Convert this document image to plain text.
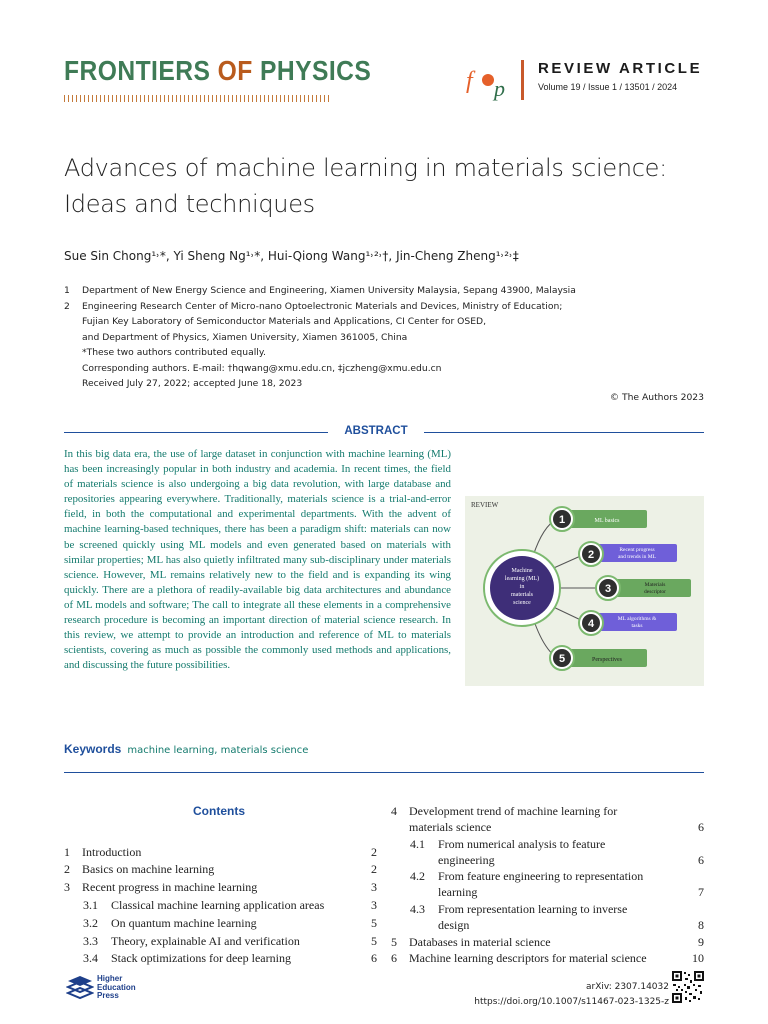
FRONTIERS OF PHYSICS	f p
REVIEW ARTICLE
Volume 19 / Issue 1 / 13501 / 2024
Advances of machine learning in materials science: Ideas and techniques
Sue Sin Chong¹˒*, Yi Sheng Ng¹˒*, Hui-Qiong Wang¹˒²˒†, Jin-Cheng Zheng¹˒²˒‡
1	Department of New Energy Science and Engineering, Xiamen University Malaysia, Sepang 43900, Malaysia
2	Engineering Research Center of Micro-nano Optoelectronic Materials and Devices, Ministry of Education;
Fujian Key Laboratory of Semiconductor Materials and Applications, CI Center for OSED,
and Department of Physics, Xiamen University, Xiamen 361005, China
*These two authors contributed equally.
Corresponding authors. E-mail: †hqwang@xmu.edu.cn, ‡jczheng@xmu.edu.cn
Received July 27, 2022; accepted June 18, 2023
© The Authors 2023
ABSTRACT
In this big data era, the use of large dataset in conjunction with machine learning (ML) has been increasingly popular in both industry and academia. In recent times, the field of materials science is also undergoing a big data revolution, with large database and repositories appearing everywhere. Traditionally, materials science is a trial-and-error field, in both the computational and experimental departments. With the advent of machine learning-based techniques, there has been a paradigm shift: materials can now be screened quickly using ML models and even generated based on materials with similar properties; ML has also quietly infiltrated many sub-disciplinary under materials science. However, ML remains relatively new to the field and is expanding its wing quickly. There are a plethora of readily-available big data architectures and abundance of ML models and software; The call to integrate all these elements in a comprehensive research procedure is becoming an important direction of material science research. In this review, we attempt to provide an introduction and reference of ML to materials scientists, covering as much as possible the commonly used methods and applications, and discussing the future possibilities.
REVIEW
Machine
learning (ML)
in
materials
science
1	ML basics
2	Recent progress
and trends in ML
3	Materials
descriptor
4	ML algorithms &
tasks
5	Perspectives
Keywords machine learning, materials science
Contents
1 Introduction	2
2 Basics on machine learning	2
3 Recent progress in machine learning	3
3.1 Classical machine learning application areas	3
3.2 On quantum machine learning	5
3.3 Theory, explainable AI and verification	5
3.4 Stack optimizations for deep learning	6
4 Development trend of machine learning for
materials science	6
4.1 From numerical analysis to feature
engineering	6
4.2 From feature engineering to representation
learning	7
4.3 From representation learning to inverse
design	8
5 Databases in material science	9
6 Machine learning descriptors for material science	10
Higher
Education
Press
arXiv: 2307.14032
https://doi.org/10.1007/s11467-023-1325-z
